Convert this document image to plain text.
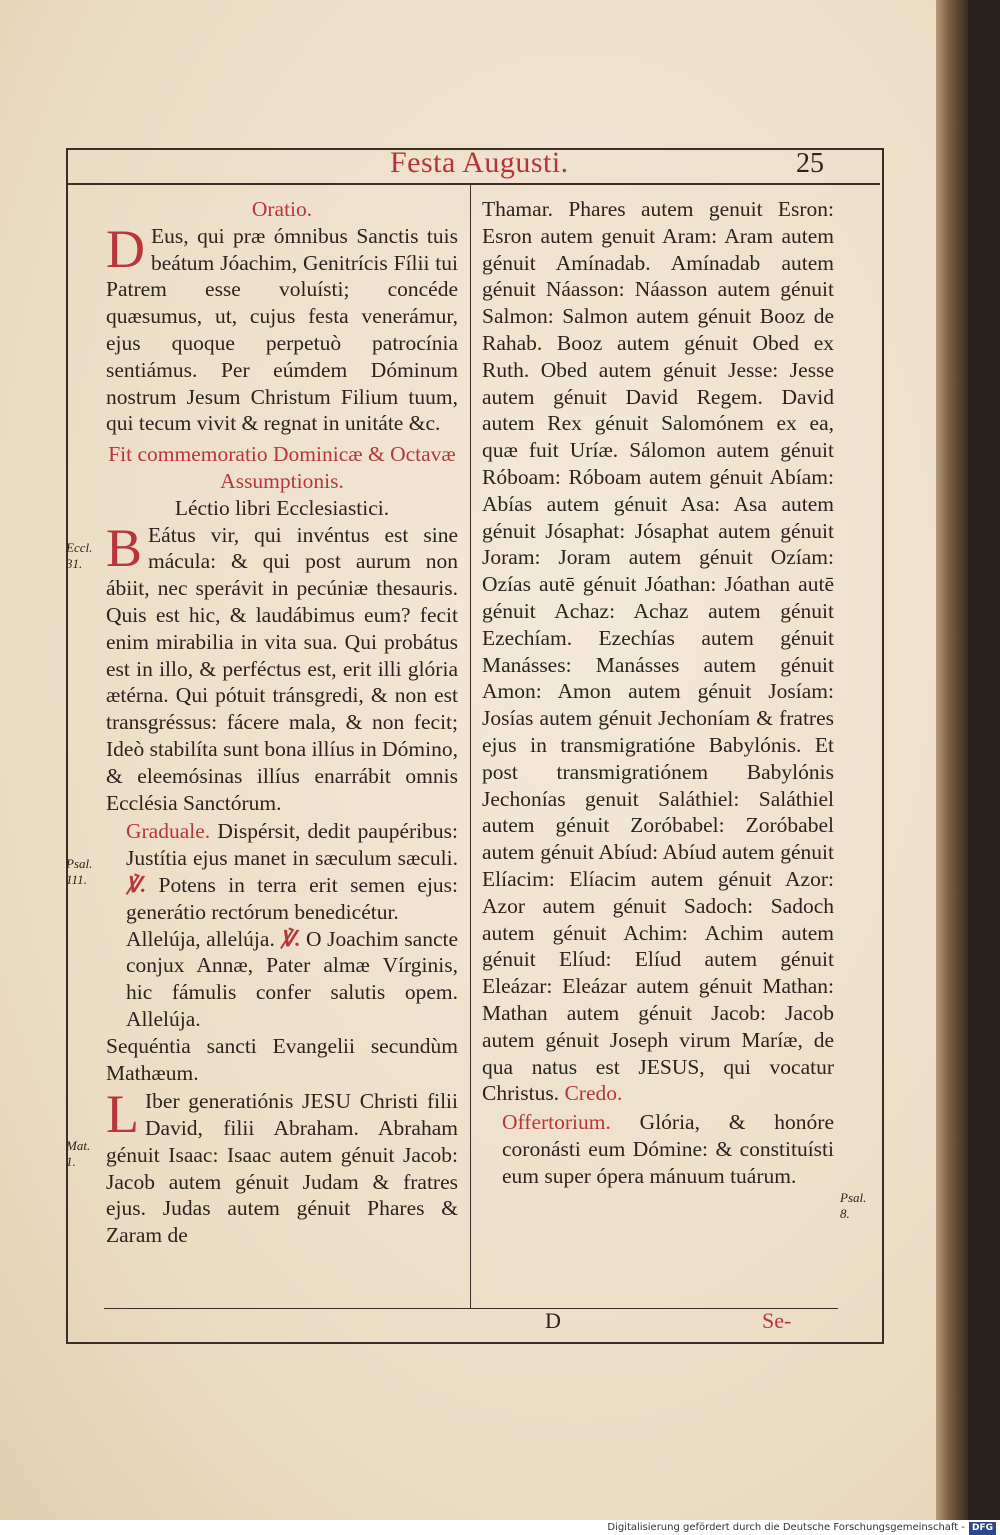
Festa Augusti.	25
Oratio.
D Eus, qui præ ómnibus Sanctis tuis beátum Jóachim, Genitrícis Fílii tui Patrem esse voluísti; concéde quæsumus, ut, cujus festa venerámur, ejus quoque perpetuò patrocínia sentiámus. Per eúmdem Dóminum nostrum Jesum Christum Filium tuum, qui tecum vivit & regnat in unitáte &c.
Fit commemoratio Dominicæ & Octavæ Assumptionis.
Léctio libri Ecclesiastici.
B Eátus vir, qui invéntus est sine mácula: & qui post aurum non ábiit, nec sperávit in pecúniæ thesauris. Quis est hic, & laudábimus eum? fecit enim mirabilia in vita sua. Qui probátus est in illo, & perféctus est, erit illi glória ætérna. Qui pótuit tránsgredi, & non est transgréssus: fácere mala, & non fecit; Ideò stabilíta sunt bona illíus in Dómino, & eleemósinas illíus enarrábit omnis Ecclésia Sanctórum.
Graduale. Dispérsit, dedit paupéribus: Justítia ejus manet in sæculum sæculi. ℣. Potens in terra erit semen ejus: generátio rectórum benedicétur.
Allelúja, allelúja. ℣. O Joachim sancte conjux Annæ, Pater almæ Vírginis, hic fámulis confer salutis opem. Allelúja.
Sequéntia sancti Evangelii secundùm Mathæum.
L Iber generatiónis JESU Christi filii David, filii Abraham. Abraham génuit Isaac: Isaac autem génuit Jacob: Jacob autem génuit Judam & fratres ejus. Judas autem génuit Phares & Zaram de
Thamar. Phares autem genuit Esron: Esron autem genuit Aram: Aram autem génuit Amínadab. Amínadab autem génuit Náasson: Náasson autem génuit Salmon: Salmon autem génuit Booz de Rahab. Booz autem génuit Obed ex Ruth. Obed autem génuit Jesse: Jesse autem génuit David Regem. David autem Rex génuit Salomónem ex ea, quæ fuit Uríæ. Sálomon autem génuit Róboam: Róboam autem génuit Abíam: Abías autem génuit Asa: Asa autem génuit Jósaphat: Jósaphat autem génuit Joram: Joram autem génuit Ozíam: Ozías autē génuit Jóathan: Jóathan autē génuit Achaz: Achaz autem génuit Ezechíam. Ezechías autem génuit Manásses: Manásses autem génuit Amon: Amon autem génuit Josíam: Josías autem génuit Jechoníam & fratres ejus in transmigratióne Babylónis. Et post transmigratiónem Babylónis Jechonías genuit Saláthiel: Saláthiel autem génuit Zoróbabel: Zoróbabel autem génuit Abíud: Abíud autem génuit Elíacim: Elíacim autem génuit Azor: Azor autem génuit Sadoch: Sadoch autem génuit Achim: Achim autem génuit Elíud: Elíud autem génuit Eleázar: Eleázar autem génuit Mathan: Mathan autem génuit Jacob: Jacob autem génuit Joseph virum Maríæ, de qua natus est JESUS, qui vocatur Christus. Credo.
Offertorium. Glória, & honóre coronásti eum Dómine: & constituísti eum super ópera mánuum tuárum.
Eccl. 31.
Psal. 111.
Mat. 1.
Psal. 8.
D	Se-
Digitalisierung gefördert durch die Deutsche Forschungsgemeinschaft - DFG
